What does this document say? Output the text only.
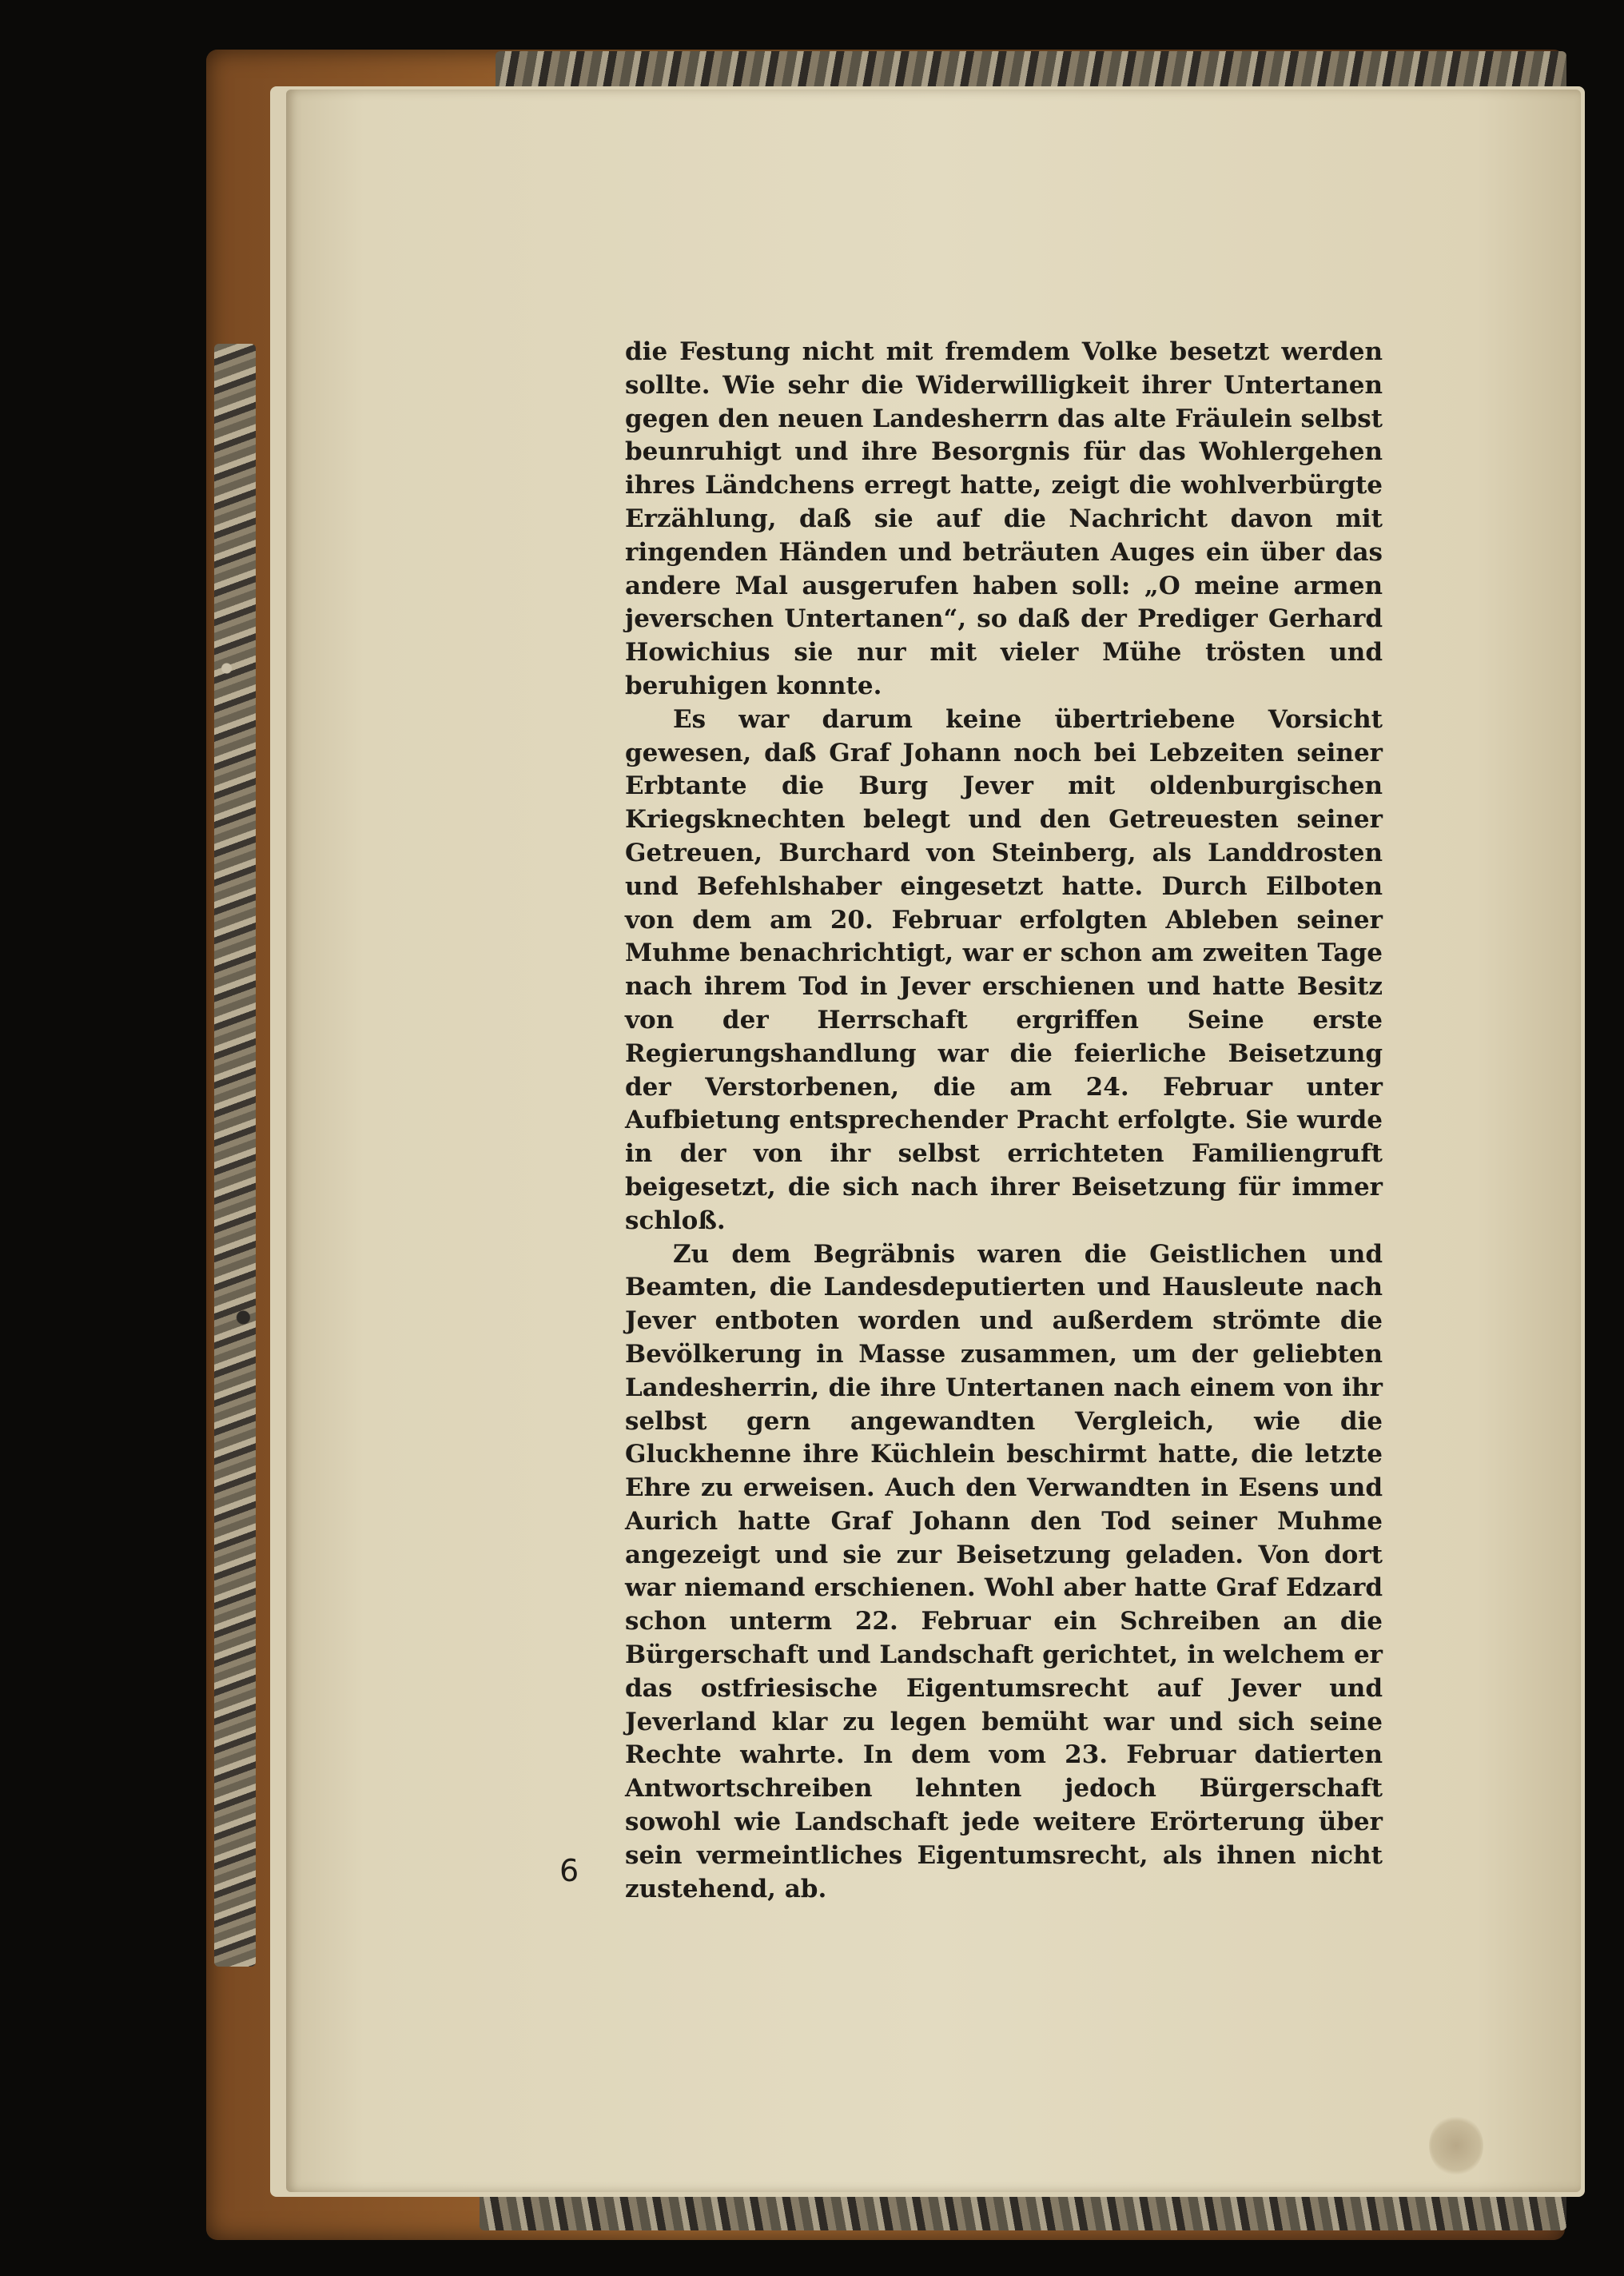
die Festung nicht mit fremdem Volke besetzt werden sollte. Wie sehr die Widerwilligkeit ihrer Untertanen gegen den neuen Landesherrn das alte Fräulein selbst beunruhigt und ihre Besorgnis für das Wohlergehen ihres Ländchens erregt hatte, zeigt die wohlverbürgte Erzählung, daß sie auf die Nachricht davon mit ringenden Händen und beträuten Auges ein über das andere Mal ausgerufen haben soll: „O meine armen jeverschen Untertanen“, so daß der Prediger Gerhard Howichius sie nur mit vieler Mühe trösten und beruhigen konnte.

Es war darum keine übertriebene Vorsicht gewesen, daß Graf Johann noch bei Lebzeiten seiner Erbtante die Burg Jever mit oldenburgischen Kriegsknechten belegt und den Getreuesten seiner Getreuen, Burchard von Steinberg, als Landdrosten und Befehlshaber eingesetzt hatte. Durch Eilboten von dem am 20. Februar erfolgten Ableben seiner Muhme benachrichtigt, war er schon am zweiten Tage nach ihrem Tod in Jever erschienen und hatte Besitz von der Herrschaft ergriffen Seine erste Regierungshandlung war die feierliche Beisetzung der Verstorbenen, die am 24. Februar unter Aufbietung entsprechender Pracht erfolgte. Sie wurde in der von ihr selbst errichteten Familiengruft beigesetzt, die sich nach ihrer Beisetzung für immer schloß.

Zu dem Begräbnis waren die Geistlichen und Beamten, die Landesdeputierten und Hausleute nach Jever entboten worden und außerdem strömte die Bevölkerung in Masse zusammen, um der geliebten Landesherrin, die ihre Untertanen nach einem von ihr selbst gern angewandten Vergleich, wie die Gluckhenne ihre Küchlein beschirmt hatte, die letzte Ehre zu erweisen. Auch den Verwandten in Esens und Aurich hatte Graf Johann den Tod seiner Muhme angezeigt und sie zur Beisetzung geladen. Von dort war niemand erschienen. Wohl aber hatte Graf Edzard schon unterm 22. Februar ein Schreiben an die Bürgerschaft und Landschaft gerichtet, in welchem er das ostfriesische Eigentumsrecht auf Jever und Jeverland klar zu legen bemüht war und sich seine Rechte wahrte. In dem vom 23. Februar datierten Antwortschreiben lehnten jedoch Bürgerschaft sowohl wie Landschaft jede weitere Erörterung über sein vermeintliches Eigentumsrecht, als ihnen nicht zustehend, ab.

6
